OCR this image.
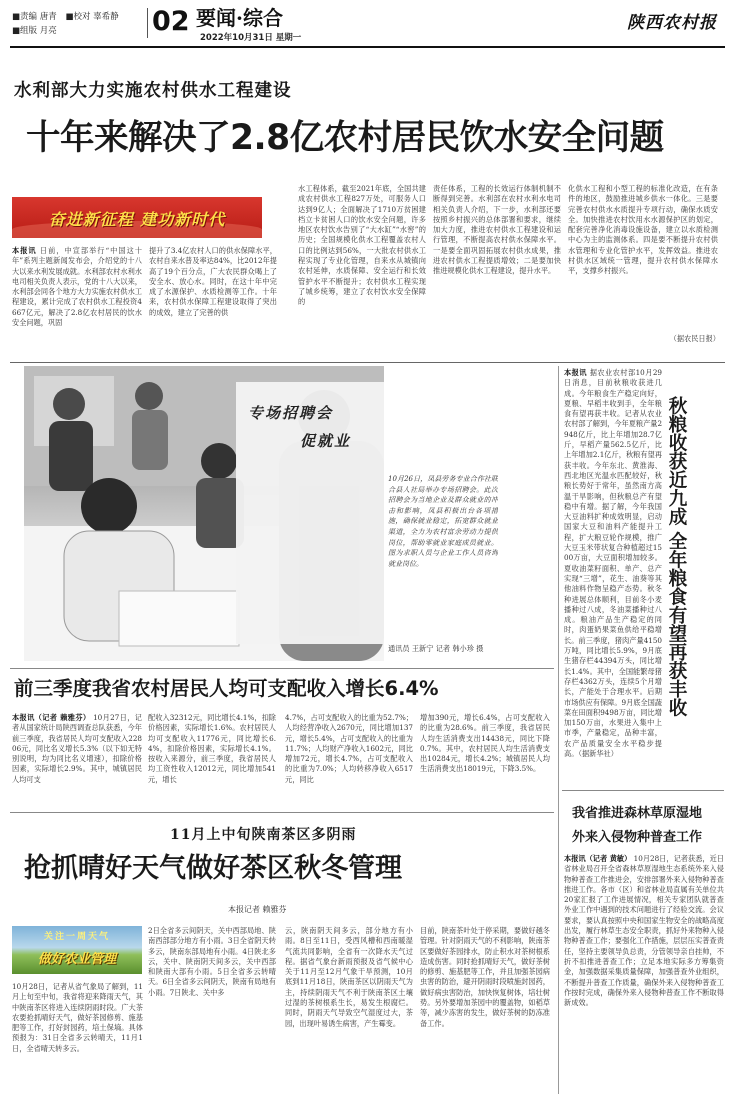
■责编 唐青 ■校对 辜希静
■组版 月亮	02 要闻·综合
2022年10月31日 星期一
陕西农村报
水利部大力实施农村供水工程建设
十年来解决了2.8亿农村居民饮水安全问题
奋进新征程 建功新时代
本报讯 日前，中宣部举行“中国这十年”系列主题新闻发布会，介绍党的十八大以来水利发展成就。水利部农村水利水电司相关负责人表示，党的十八大以来，水利部会同各个地方大力实施农村供水工程建设，累计完成了农村供水工程投资4667亿元，解决了2.8亿农村居民的饮水安全问题，巩固
提升了3.4亿农村人口的供水保障水平，农村自来水普及率达84%，比2012年提高了19个百分点，广大农民群众喝上了安全水、放心水。同时，在这十年中完成了水源保护、水质检测等工作。十年来，农村供水保障工程建设取得了突出的成效，建立了完善的供
水工程体系，截至2021年底，全国共建成农村供水工程827万处，可服务人口达到9亿人；全面解决了1710万贫困建档立卡贫困人口的饮水安全问题，许多地区农村饮水告别了“大水缸”“水窖”的历史；全国规模化供水工程覆盖农村人口的比例达到56%，一大批农村供水工程实现了专业化管理，自来水从城镇向农村延伸，水质保障、安全运行和长效管护水平不断提升；农村供水工程实现了城乡统筹，建立了农村饮水安全保障的
责任体系，工程的长效运行体制机制不断得到完善。水利部在农村水利水电司相关负责人介绍，下一步，水利部还要按照乡村振兴的总体部署和要求，继续加大力度，推进农村供水工程建设和运行管理，不断提高农村供水保障水平。一是要全面巩固拓展农村供水成果，推进农村供水工程提质增效；二是要加快推进规模化供水工程建设，提升水平。
化供水工程和小型工程的标准化改造，在有条件的地区，鼓励推进城乡供水一体化。三是要完善农村供水水质提升专项行动，确保水质安全。加快推进农村饮用水水源保护区的划定，配套完善净化消毒设施设备，建立以水质检测中心为主的监测体系。四是要不断提升农村供水管理和专业化管护水平，发挥效益。推进农村供水区域统一管理，提升农村供水保障水平，支撑乡村振兴。
（据农民日报）
专场招聘会
促就业
10月26日，凤县劳务专业合作社联合县人社局举办专场招聘会。此次招聘会为当地企业及群众就业的冲击和影响，凤县积极出台各项措施，确保就业稳定，拓宽群众就业渠道，全力为农村富余劳动力提供岗位，帮助零就业家庭成员就业。图为求职人员与企业工作人员咨询就业岗位。
通讯员 王新宁 记者 韩小珍 摄
前三季度我省农村居民人均可支配收入增长6.4%
本报讯（记者 赖雅芬） 10月27日，记者从国家统计局陕西调查总队获悉，今年前三季度，我省居民人均可支配收入22806元，同比名义增长5.3%（以下如无特别说明，均为同比名义增速），扣除价格因素，实际增长2.9%。其中，城镇居民人均可支
配收入32312元，同比增长4.1%，扣除价格因素，实际增长1.6%。农村居民人均可支配收入11776元，同比增长6.4%，扣除价格因素，实际增长4.1%。按收入来源分，前三季度，我省居民人均工资性收入12012元，同比增加541元，增长
4.7%，占可支配收入的比重为52.7%；人均经营净收入2670元，同比增加137元，增长5.4%，占可支配收入的比重为11.7%；人均财产净收入1602元，同比增加72元，增长4.7%，占可支配收入的比重为7.0%；人均转移净收入6517元，同比
增加390元，增长6.4%，占可支配收入的比重为28.6%。前三季度，我省居民人均生活消费支出14438元，同比下降0.7%。其中，农村居民人均生活消费支出10284元，增长4.2%；城镇居民人均生活消费支出18019元，下降3.5%。
11月上中旬陕南茶区多阴雨
抢抓晴好天气做好茶区秋冬管理
本报记者 赖雅芬
关注一周天气
做好农业管理
10月28日，记者从省气象局了解到，11月上旬至中旬，我省将迎来降雨天气，其中陕南茶区将进入连续阴雨时段。广大茶农要抢抓晴好天气，做好茶园修剪、施基肥等工作，打好封园药，培土保墒。具体预报为：31日全省多云转晴天，11月1日，全省晴天转多云。
2日全省多云间阴天，关中西部局地、陕南西部部分地方有小雨。3日全省阴天转多云，陕南东部局地有小雨。4日陕北多云，关中、陕南阴天间多云，关中西部和陕南大部有小雨。5日全省多云转晴天。6日全省多云间阴天，陕南有局地有小雨。7日陕北、关中多
云，陕南阴天间多云，部分地方有小雨。8日至11日，受西风槽和西南暖湿气流共同影响，全省有一次降水天气过程。据省气象台新雨预报及省气候中心关于11月至12月气象干旱预测，10月底到11月18日，陕南茶区以阴雨天气为主，持续阴雨天气不利于陕南茶区土壤过湿的茶树根系生长，易发生根腐烂。同时，阴雨天气导致空气湿度过大，茶园，出现叶易诱生病害，产生霉变。
目前，陕南茶叶处于停采期，要做好越冬管理。针对阴雨天气的不利影响，陕南茶区要做好茶园排水，防止积水对茶树根系造成伤害。同时抢抓晴好天气，做好茶树的修剪、施基肥等工作，并且加强茶园病虫害的防治，避开阴雨时段喷施封园药，做好病虫害防治，加快恢复树体，培壮树势。另外要增加茶园中的覆盖物，如稻草等，减少冻害的发生，做好茶树的防冻准备工作。
本报讯 据农业农村部10月29日消息，目前秋粮收获进几成。今年粮食生产稳定向好，夏粮、早稻丰收到手，全年粮食有望再获丰收。记者从农业农村部了解到，今年夏粮产量2948亿斤，比上年增加28.7亿斤，早稻产量562.5亿斤，比上年增加2.1亿斤，秋粮有望再获丰收。今年东北、黄淮海、西北地区光温水匹配较好，秋粮长势好于常年，虽然南方高温干旱影响，但秋粮总产有望稳中有增。据了解，今年我国大豆油料扩种成效明显，启动国家大豆和油料产能提升工程，扩大粮豆轮作规模，推广大豆玉米带状复合种植超过1500万亩，大豆面积增加较多。夏收油菜籽面积、单产、总产实现“三增”，花生、油葵等其他油料作物呈稳产态势。秋冬种进展总体顺利，目前冬小麦播种过八成，冬油菜播种过八成。粮油产品生产稳定的同时，肉蛋奶果菜鱼供给平稳增长。前三季度，猪肉产量4150万吨，同比增长5.9%，9月底生猪存栏44394万头，同比增长1.4%。其中，全国能繁母猪存栏4362万头，连续5个月增长，产能处于合理水平。后期市场供应有保障。9月底全国蔬菜在田面积9498万亩，同比增加150万亩，水果进入集中上市季，产量稳定，品种丰富，农产品质量安全水平稳步提高。（据新华社）
秋粮收获近九成 全年粮食有望再获丰收
我省推进森林草原湿地
外来入侵物种普查工作
本报讯（记者 黄敏） 10月28日，记者获悉，近日省林业局召开全省森林草原湿地生态系统外来入侵物种普查工作推进会，安排部署外来入侵物种普查推进工作。各市（区）和省林业局直属有关单位共20家汇报了工作进展情况，相关专家团队就普查外业工作中遇到的技术问题进行了经验交流。会议要求，要认真按照中央和国家生物安全的战略高度出发，履行林草生态安全职责，抓好外来物种入侵物种普查工作；要强化工作措施，层层压实普查责任，坚持主要领导负总责，分管领导亲自挂帅，不折不扣推进普查工作；立足本地实际多方筹集资金，加强数据采集质量保障，加强普查外业组织，不断提升普查工作质量，确保外来入侵物种普查工作按时完成，确保外来入侵物种普查工作不断取得新成效。
